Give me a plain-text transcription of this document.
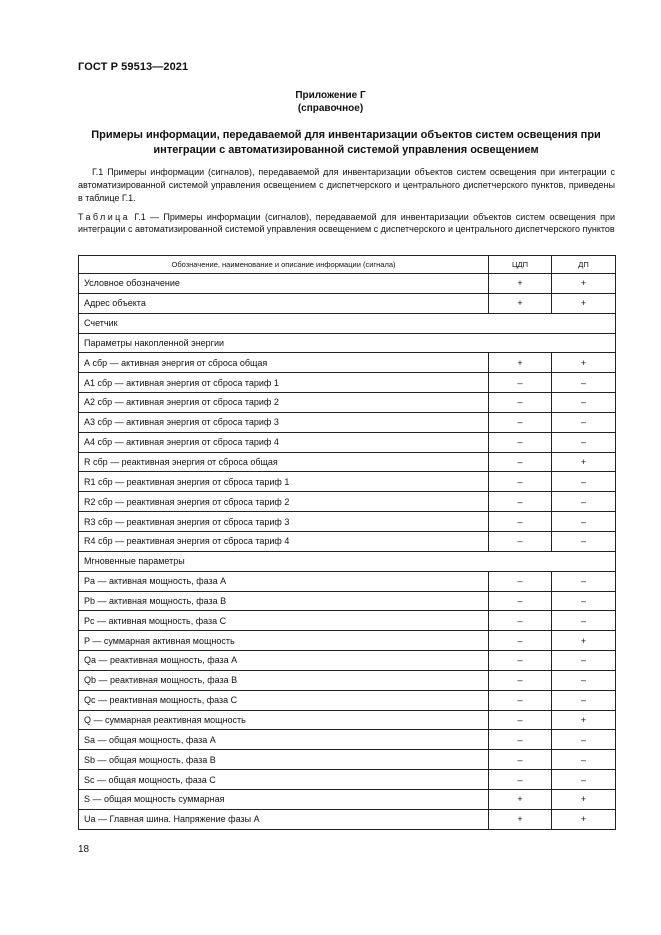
ГОСТ Р 59513—2021
Приложение Г
(справочное)
Примеры информации, передаваемой для инвентаризации объектов систем освещения при интеграции с автоматизированной системой управления освещением
Г.1 Примеры информации (сигналов), передаваемой для инвентаризации объектов систем освещения при интеграции с автоматизированной системой управления освещением с диспетчерского и центрального диспетчерского пунктов, приведены в таблице Г.1.
Таблица Г.1 — Примеры информации (сигналов), передаваемой для инвентаризации объектов систем освещения при интеграции с автоматизированной системой управления освещением с диспетчерского и центрального диспетчерского пунктов
Обозначение, наименование и описание информации (сигнала)	ЦДП	ДП
Условное обозначение	+	+
Адрес объекта	+	+
Счетчик		
Параметры накопленной энергии		
А сбр — активная энергия от сброса общая	+	+
А1 сбр — активная энергия от сброса тариф 1	–	–
А2 сбр — активная энергия от сброса тариф 2	–	–
А3 сбр — активная энергия от сброса тариф 3	–	–
А4 сбр — активная энергия от сброса тариф 4	–	–
R сбр — реактивная энергия от сброса общая	–	+
R1 сбр — реактивная энергия от сброса тариф 1	–	–
R2 сбр — реактивная энергия от сброса тариф 2	–	–
R3 сбр — реактивная энергия от сброса тариф 3	–	–
R4 сбр — реактивная энергия от сброса тариф 4	–	–
Мгновенные параметры		
Pa — активная мощность, фаза А	–	–
Pb — активная мощность, фаза В	–	–
Pc — активная мощность, фаза С	–	–
P — суммарная активная мощность	–	+
Qa — реактивная мощность, фаза А	–	–
Qb — реактивная мощность, фаза В	–	–
Qc — реактивная мощность, фаза С	–	–
Q — суммарная реактивная мощность	–	+
Sa — общая мощность, фаза А	–	–
Sb — общая мощность, фаза В	–	–
Sc — общая мощность, фаза С	–	–
S — общая мощность суммарная	+	+
Ua — Главная шина. Напряжение фазы А	+	+
18
